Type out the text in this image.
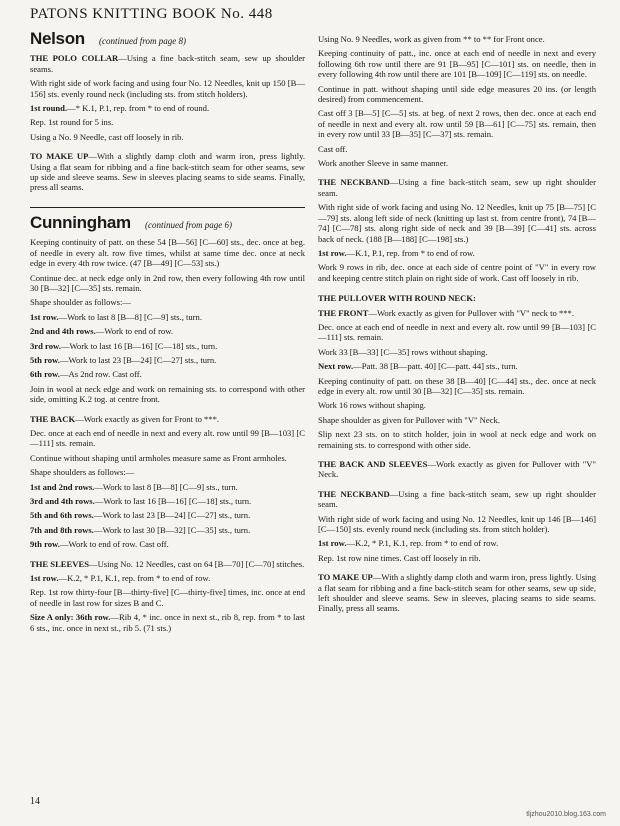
PATONS KNITTING BOOK No. 448

Nelson (continued from page 8)

THE POLO COLLAR—Using a fine back-stitch seam, sew up shoulder seams.

With right side of work facing and using four No. 12 Needles, knit up 150 [B—156] sts. evenly round neck (including sts. from stitch holders).

1st round.—* K.1, P.1, rep. from * to end of round.

Rep. 1st round for 5 ins.

Using a No. 9 Needle, cast off loosely in rib.

TO MAKE UP—With a slightly damp cloth and warm iron, press lightly. Using a flat seam for ribbing and a fine back-stitch seam for other seams, sew up side and sleeve seams. Sew in sleeves placing seams to side seams. Finally, press all seams.

Cunningham (continued from page 6)

Keeping continuity of patt. on these 54 [B—56] [C—60] sts., dec. once at beg. of needle in every alt. row five times, whilst at same time dec. once at neck edge in every 4th row twice. (47 [B—49] [C—53] sts.)

Continue dec. at neck edge only in 2nd row, then every following 4th row until 30 [B—32] [C—35] sts. remain.

Shape shoulder as follows:—

1st row.—Work to last 8 [B—8] [C—9] sts., turn.

2nd and 4th rows.—Work to end of row.

3rd row.—Work to last 16 [B—16] [C—18] sts., turn.

5th row.—Work to last 23 [B—24] [C—27] sts., turn.

6th row.—As 2nd row. Cast off.

Join in wool at neck edge and work on remaining sts. to correspond with other side, omitting K.2 tog. at centre front.

THE BACK—Work exactly as given for Front to ***.

Dec. once at each end of needle in next and every alt. row until 99 [B—103] [C—111] sts. remain.

Continue without shaping until armholes measure same as Front armholes.

Shape shoulders as follows:—

1st and 2nd rows.—Work to last 8 [B—8] [C—9] sts., turn.

3rd and 4th rows.—Work to last 16 [B—16] [C—18] sts., turn.

5th and 6th rows.—Work to last 23 [B—24] [C—27] sts., turn.

7th and 8th rows.—Work to last 30 [B—32] [C—35] sts., turn.

9th row.—Work to end of row. Cast off.

THE SLEEVES—Using No. 12 Needles, cast on 64 [B—70] [C—70] stitches.

1st row.—K.2, * P.1, K.1, rep. from * to end of row.

Rep. 1st row thirty-four [B—thirty-five] [C—thirty-five] times, inc. once at end of needle in last row for sizes B and C.

Size A only: 36th row.—Rib 4, * inc. once in next st., rib 8, rep. from * to last 6 sts., inc. once in next st., rib 5. (71 sts.)

Using No. 9 Needles, work as given from ** to ** for Front once.

Keeping continuity of patt., inc. once at each end of needle in next and every following 6th row until there are 91 [B—95] [C—101] sts. on needle, then in every following 4th row until there are 101 [B—109] [C—119] sts. on needle.

Continue in patt. without shaping until side edge measures 20 ins. (or length desired) from commencement.

Cast off 3 [B—5] [C—5] sts. at beg. of next 2 rows, then dec. once at each end of needle in next and every alt. row until 59 [B—61] [C—75] sts. remain, then in every row until 33 [B—35] [C—37] sts. remain.

Cast off.

Work another Sleeve in same manner.

THE NECKBAND—Using a fine back-stitch seam, sew up right shoulder seam.

With right side of work facing and using No. 12 Needles, knit up 75 [B—75] [C—79] sts. along left side of neck (knitting up last st. from centre front), 74 [B—74] [C—78] sts. along right side of neck and 39 [B—39] [C—41] sts. across back of neck. (188 [B—188] [C—198] sts.)

1st row.—K.1, P.1, rep. from * to end of row.

Work 9 rows in rib, dec. once at each side of centre point of "V" in every row and keeping centre stitch plain on right side of work. Cast off loosely in rib.

THE PULLOVER WITH ROUND NECK:

THE FRONT—Work exactly as given for Pullover with "V" neck to ***.

Dec. once at each end of needle in next and every alt. row until 99 [B—103] [C—111] sts. remain.

Work 33 [B—33] [C—35] rows without shaping.

Next row.—Patt. 38 [B—patt. 40] [C—patt. 44] sts., turn.

Keeping continuity of patt. on these 38 [B—40] [C—44] sts., dec. once at neck edge in every alt. row until 30 [B—32] [C—35] sts. remain.

Work 16 rows without shaping.

Shape shoulder as given for Pullover with "V" Neck.

Slip next 23 sts. on to stitch holder, join in wool at neck edge and work on remaining sts. to correspond with other side.

THE BACK AND SLEEVES—Work exactly as given for Pullover with "V" Neck.

THE NECKBAND—Using a fine back-stitch seam, sew up right shoulder seam.

With right side of work facing and using No. 12 Needles, knit up 146 [B—146] [C—150] sts. evenly round neck (including sts. from stitch holder).

1st row.—K.2, * P.1, K.1, rep. from * to end of row.

Rep. 1st row nine times. Cast off loosely in rib.

TO MAKE UP—With a slightly damp cloth and warm iron, press lightly. Using a flat seam for ribbing and a fine back-stitch seam for other seams, sew up side, left shoulder and sleeve seams. Sew in sleeves, placing seams to side seams. Finally, press all seams.

14
tljzhou2010.blog.163.com
